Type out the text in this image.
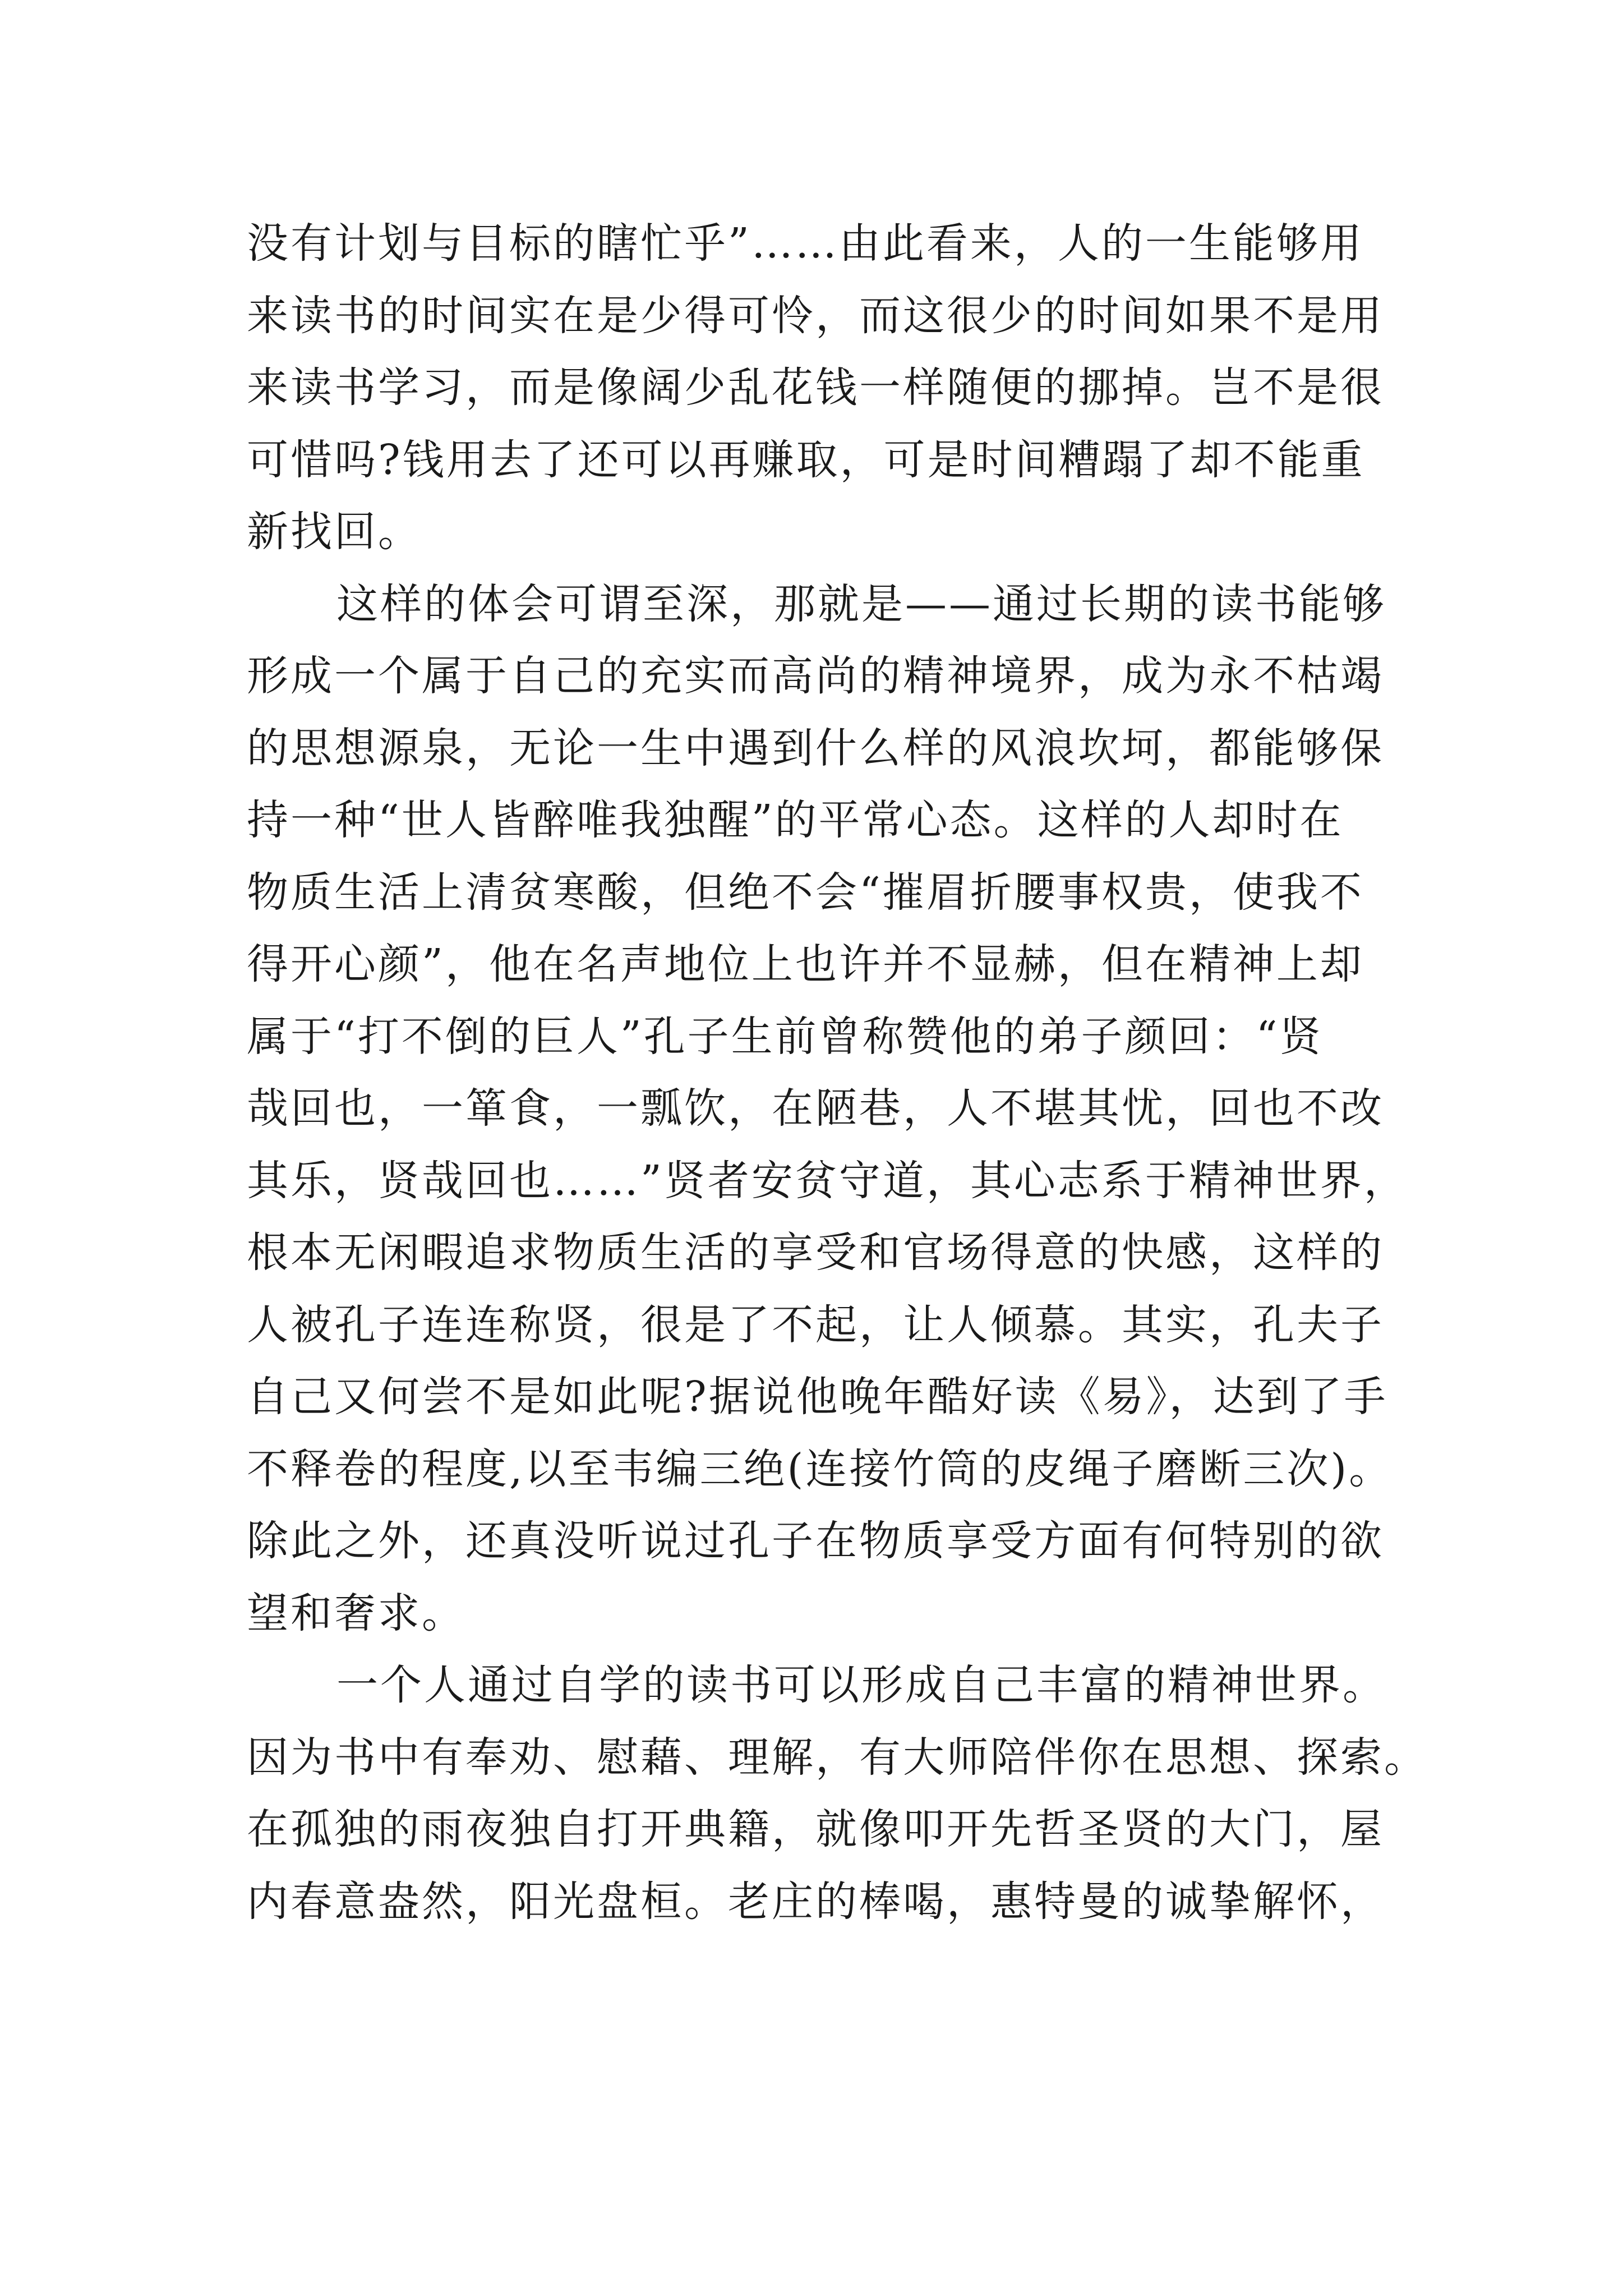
没有计划与目标的瞎忙乎”……由此看来，人的一生能够用
来读书的时间实在是少得可怜，而这很少的时间如果不是用
来读书学习，而是像阔少乱花钱一样随便的挪掉。岂不是很
可惜吗?钱用去了还可以再赚取，可是时间糟蹋了却不能重
新找回。
这样的体会可谓至深，那就是——通过长期的读书能够
形成一个属于自己的充实而高尚的精神境界，成为永不枯竭
的思想源泉，无论一生中遇到什么样的风浪坎坷，都能够保
持一种“世人皆醉唯我独醒”的平常心态。这样的人却时在
物质生活上清贫寒酸，但绝不会“摧眉折腰事权贵，使我不
得开心颜”，他在名声地位上也许并不显赫，但在精神上却
属于“打不倒的巨人”孔子生前曾称赞他的弟子颜回：“贤
哉回也，一箪食，一瓢饮，在陋巷，人不堪其忧，回也不改
其乐，贤哉回也……”贤者安贫守道，其心志系于精神世界，
根本无闲暇追求物质生活的享受和官场得意的快感，这样的
人被孔子连连称贤，很是了不起，让人倾慕。其实，孔夫子
自己又何尝不是如此呢?据说他晚年酷好读《易》，达到了手
不释卷的程度,以至韦编三绝(连接竹筒的皮绳子磨断三次)。
除此之外，还真没听说过孔子在物质享受方面有何特别的欲
望和奢求。
一个人通过自学的读书可以形成自己丰富的精神世界。
因为书中有奉劝、慰藉、理解，有大师陪伴你在思想、探索。
在孤独的雨夜独自打开典籍，就像叩开先哲圣贤的大门，屋
内春意盎然，阳光盘桓。老庄的棒喝，惠特曼的诚挚解怀，
